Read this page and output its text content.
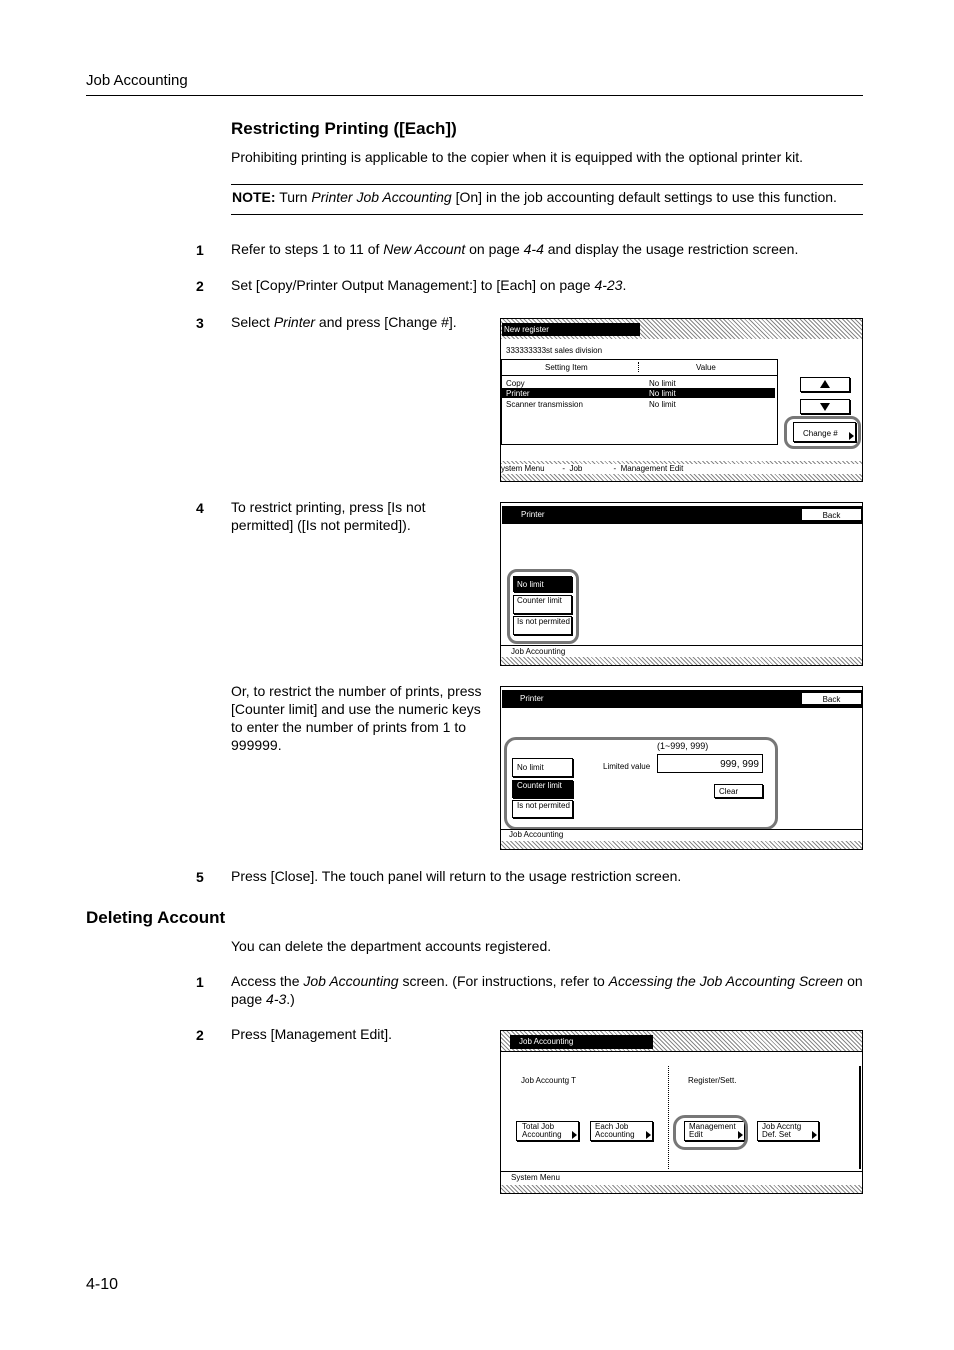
Job Accounting
Restricting Printing ([Each])
Prohibiting printing is applicable to the copier when it is equipped with the optional printer kit.
NOTE: Turn Printer Job Accounting [On] in the job accounting default settings to use this function.
1 Refer to steps 1 to 11 of New Account on page 4-4 and display the usage restriction screen.
2 Set [Copy/Printer Output Management:] to [Each] on page 4-23.
3 Select Printer and press [Change #].	New register
333333333st sales division
Setting Item	Value
Copy	No limit
Printer	No limit
Scanner transmission	No limit
Change #
ystem Menu        -  Job              -  Management Edit
4 To restrict printing, press [Is not permitted] ([Is not permited]).
Printer	Back
No limit
Counter limit
Is not permited
Job Accounting
Or, to restrict the number of prints, press [Counter limit] and use the numeric keys to enter the number of prints from 1 to 999999.
Printer	Back
(1~999, 999)
No limit	Limited value	999, 999
Clear
Counter limit
Is not permited
Job Accounting
5 Press [Close]. The touch panel will return to the usage restriction screen.
Deleting Account
You can delete the department accounts registered.
1 Access the Job Accounting screen. (For instructions, refer to Accessing the Job Accounting Screen on page 4-3.)
2 Press [Management Edit].	Job Accounting
Job Accountg T	Register/Sett.
Total Job Accounting
Each Job Accounting
Management Edit
Job Accntg Def. Set
System Menu
4-10
